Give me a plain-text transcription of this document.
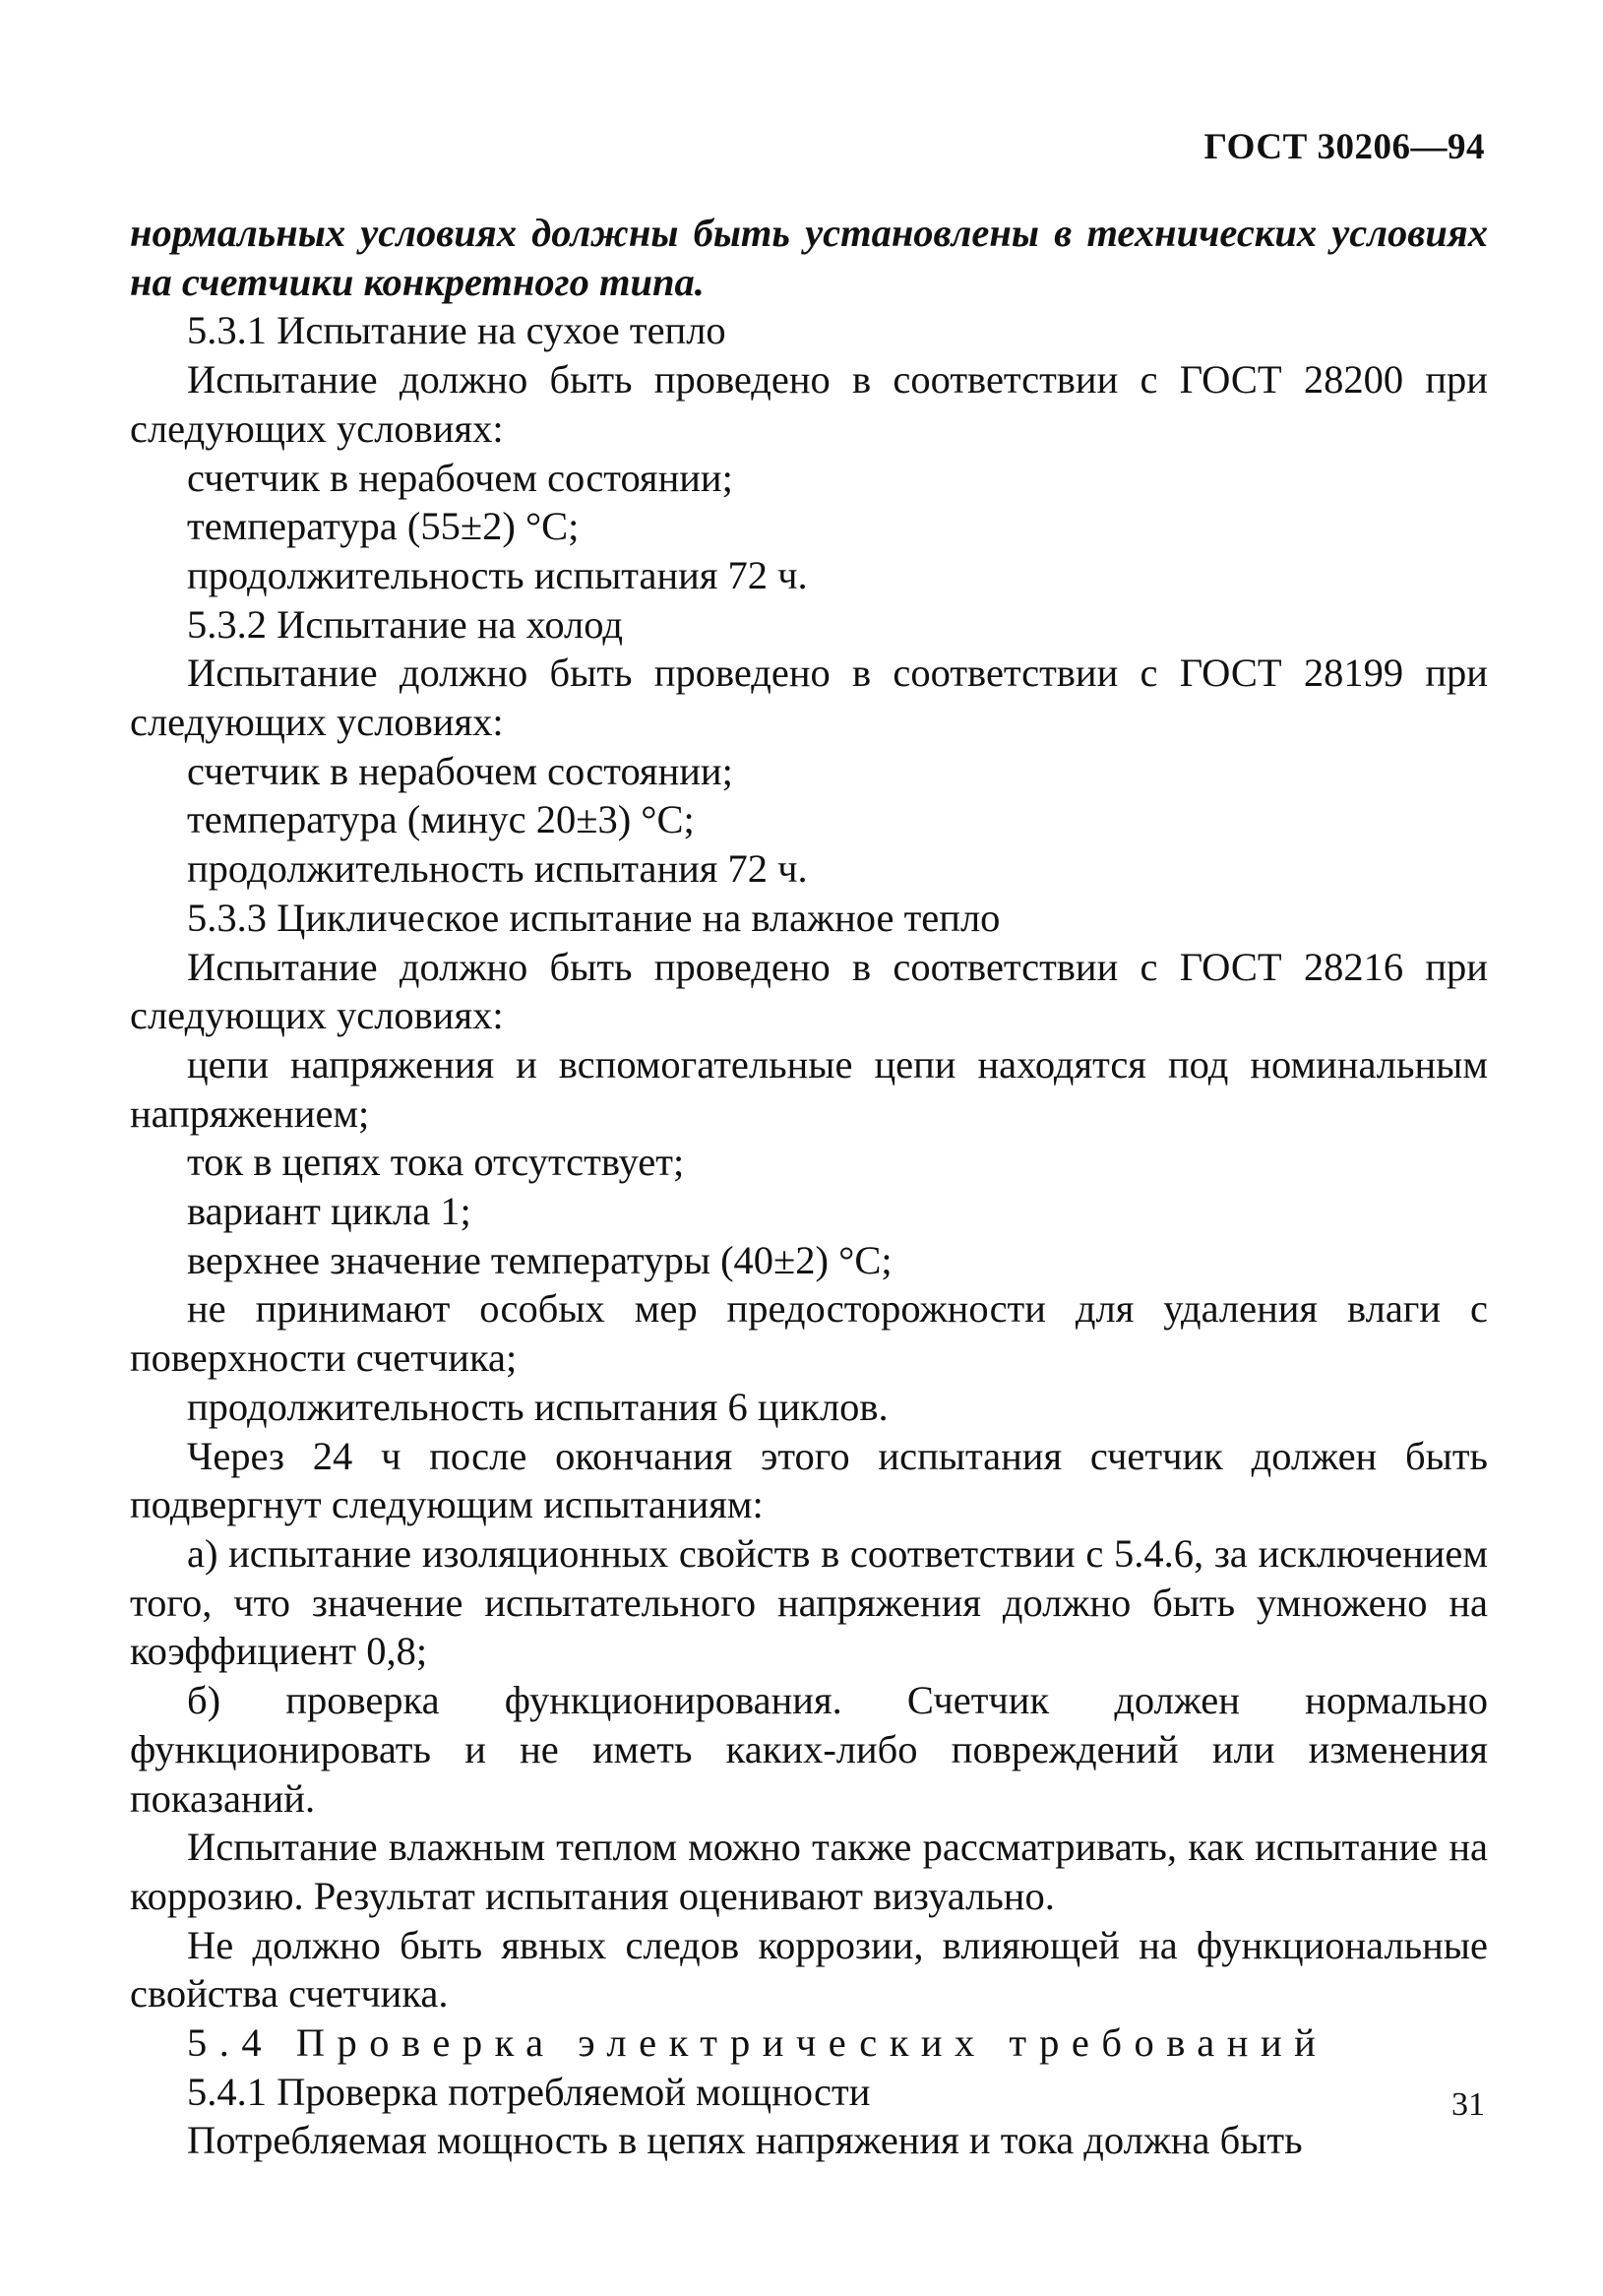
ГОСТ 30206—94

нормальных условиях должны быть установлены в технических условиях на счетчики конкретного типа.

5.3.1 Испытание на сухое тепло

Испытание должно быть проведено в соответствии с ГОСТ 28200 при следующих условиях:

счетчик в нерабочем состоянии;

температура (55±2) °С;

продолжительность испытания 72 ч.

5.3.2 Испытание на холод

Испытание должно быть проведено в соответствии с ГОСТ 28199 при следующих условиях:

счетчик в нерабочем состоянии;

температура (минус 20±3) °С;

продолжительность испытания 72 ч.

5.3.3 Циклическое испытание на влажное тепло

Испытание должно быть проведено в соответствии с ГОСТ 28216 при следующих условиях:

цепи напряжения и вспомогательные цепи находятся под номинальным напряжением;

ток в цепях тока отсутствует;

вариант цикла 1;

верхнее значение температуры (40±2) °С;

не принимают особых мер предосторожности для удаления влаги с поверхности счетчика;

продолжительность испытания 6 циклов.

Через 24 ч после окончания этого испытания счетчик должен быть подвергнут следующим испытаниям:

а) испытание изоляционных свойств в соответствии с 5.4.6, за исключением того, что значение испытательного напряжения должно быть умножено на коэффициент 0,8;

б) проверка функционирования. Счетчик должен нормально функционировать и не иметь каких-либо повреждений или изменения показаний.

Испытание влажным теплом можно также рассматривать, как испытание на коррозию. Результат испытания оценивают визуально.

Не должно быть явных следов коррозии, влияющей на функциональные свойства счетчика.

5.4 Проверка электрических требований

5.4.1 Проверка потребляемой мощности

Потребляемая мощность в цепях напряжения и тока должна быть

31
